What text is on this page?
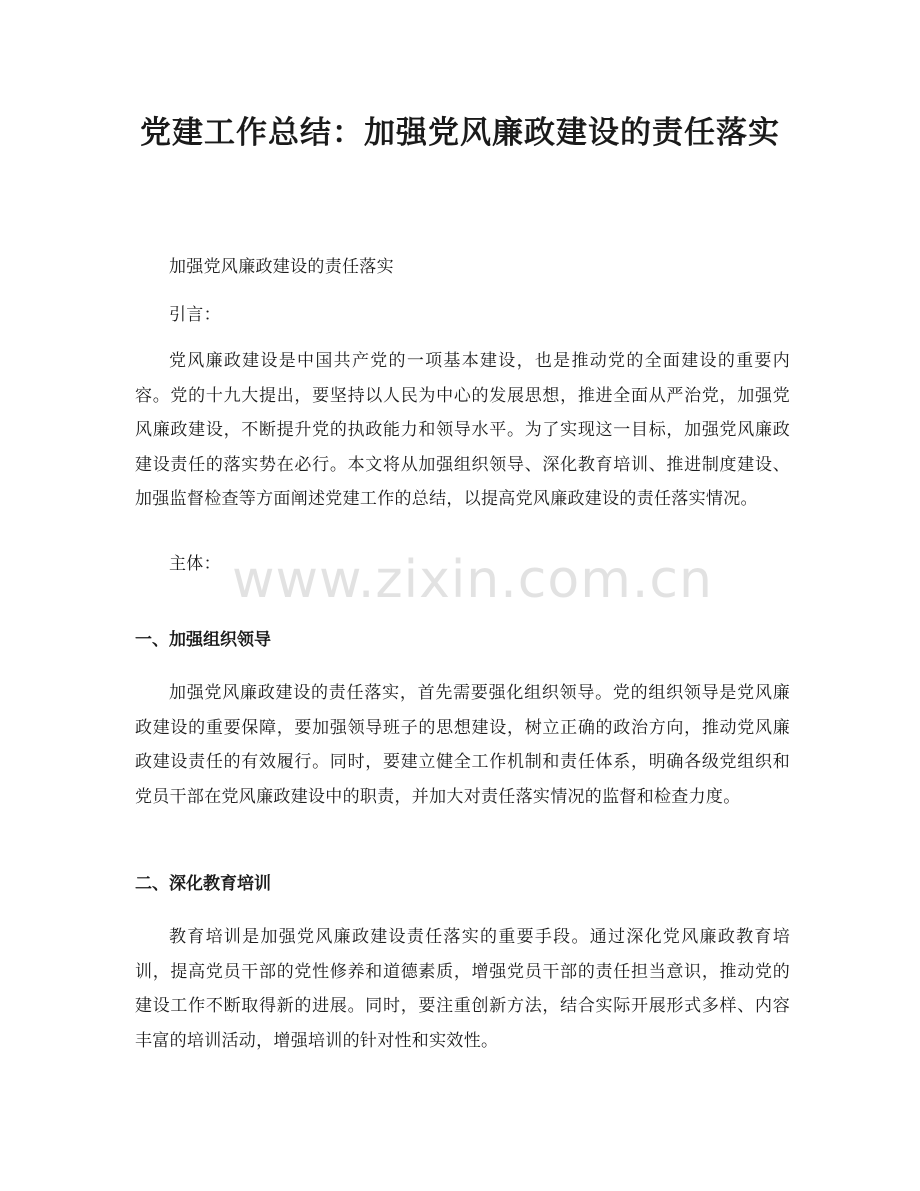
党建工作总结：加强党风廉政建设的责任落实

加强党风廉政建设的责任落实

引言：

党风廉政建设是中国共产党的一项基本建设，也是推动党的全面建设的重要内容。党的十九大提出，要坚持以人民为中心的发展思想，推进全面从严治党，加强党风廉政建设，不断提升党的执政能力和领导水平。为了实现这一目标，加强党风廉政建设责任的落实势在必行。本文将从加强组织领导、深化教育培训、推进制度建设、加强监督检查等方面阐述党建工作的总结，以提高党风廉政建设的责任落实情况。

主体：

一、加强组织领导

加强党风廉政建设的责任落实，首先需要强化组织领导。党的组织领导是党风廉政建设的重要保障，要加强领导班子的思想建设，树立正确的政治方向，推动党风廉政建设责任的有效履行。同时，要建立健全工作机制和责任体系，明确各级党组织和党员干部在党风廉政建设中的职责，并加大对责任落实情况的监督和检查力度。

二、深化教育培训

教育培训是加强党风廉政建设责任落实的重要手段。通过深化党风廉政教育培训，提高党员干部的党性修养和道德素质，增强党员干部的责任担当意识，推动党的建设工作不断取得新的进展。同时，要注重创新方法，结合实际开展形式多样、内容丰富的培训活动，增强培训的针对性和实效性。

www.zixin.com.cn
